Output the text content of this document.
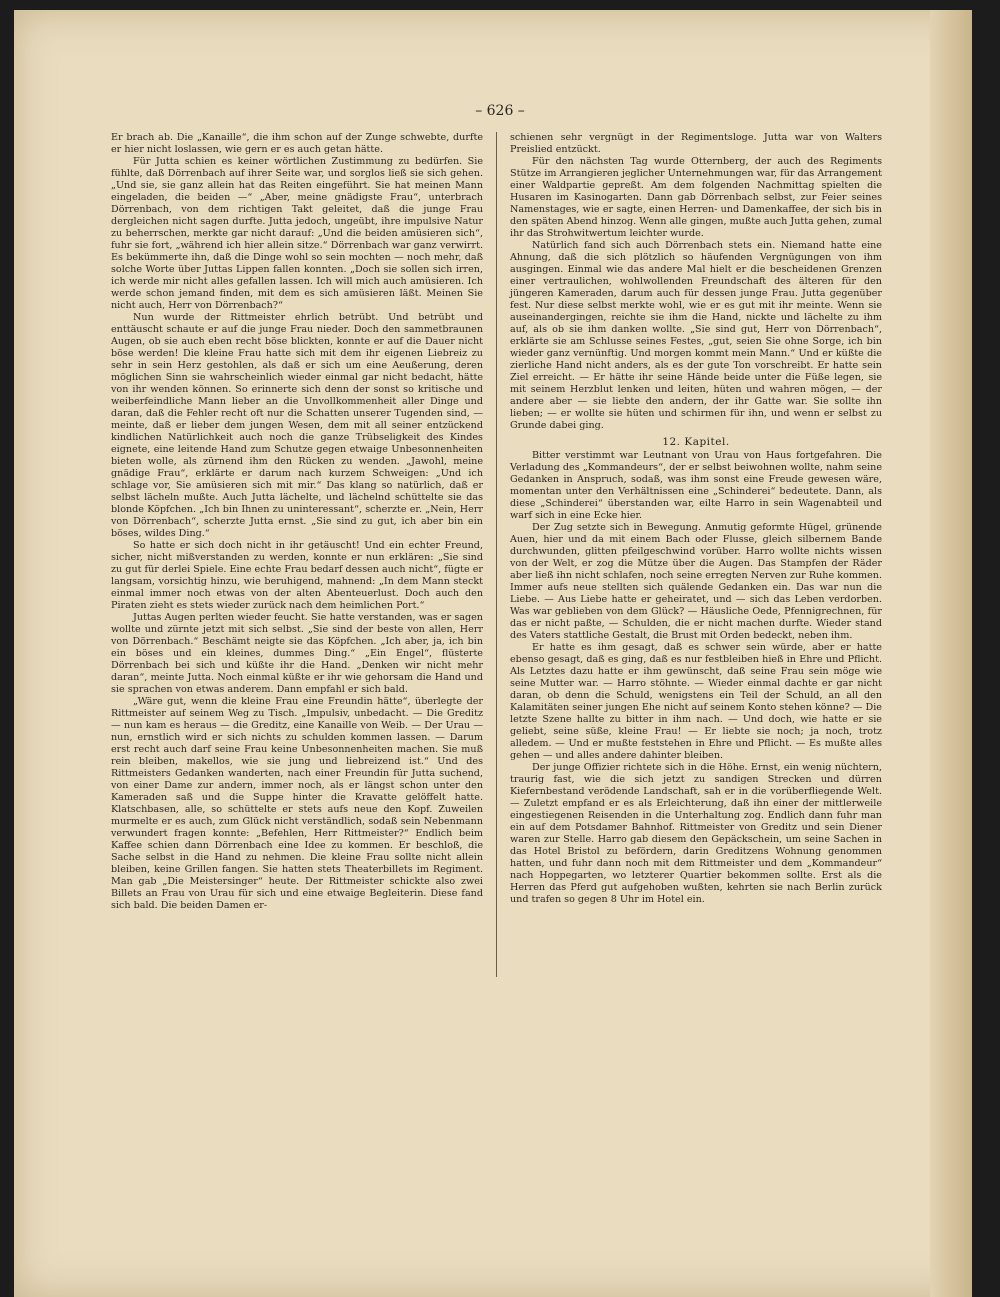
– 626 –

Er brach ab. Die „Kanaille“, die ihm schon auf der Zunge schwebte, durfte er hier nicht loslassen, wie gern er es auch getan hätte.

Für Jutta schien es keiner wörtlichen Zustimmung zu bedürfen. Sie fühlte, daß Dörrenbach auf ihrer Seite war, und sorglos ließ sie sich gehen. „Und sie, sie ganz allein hat das Reiten eingeführt. Sie hat meinen Mann eingeladen, die beiden —“ „Aber, meine gnädigste Frau“, unterbrach Dörrenbach, von dem richtigen Takt geleitet, daß die junge Frau dergleichen nicht sagen durfte. Jutta jedoch, ungeübt, ihre impulsive Natur zu beherrschen, merkte gar nicht darauf: „Und die beiden amüsieren sich“, fuhr sie fort, „während ich hier allein sitze.“ Dörrenbach war ganz verwirrt. Es bekümmerte ihn, daß die Dinge wohl so sein mochten — noch mehr, daß solche Worte über Juttas Lippen fallen konnten. „Doch sie sollen sich irren, ich werde mir nicht alles gefallen lassen. Ich will mich auch amüsieren. Ich werde schon jemand finden, mit dem es sich amüsieren läßt. Meinen Sie nicht auch, Herr von Dörrenbach?“

Nun wurde der Rittmeister ehrlich betrübt. Und betrübt und enttäuscht schaute er auf die junge Frau nieder. Doch den sammetbraunen Augen, ob sie auch eben recht böse blickten, konnte er auf die Dauer nicht böse werden! Die kleine Frau hatte sich mit dem ihr eigenen Liebreiz zu sehr in sein Herz gestohlen, als daß er sich um eine Aeußerung, deren möglichen Sinn sie wahrscheinlich wieder einmal gar nicht bedacht, hätte von ihr wenden können. So erinnerte sich denn der sonst so kritische und weiberfeindliche Mann lieber an die Unvollkommenheit aller Dinge und daran, daß die Fehler recht oft nur die Schatten unserer Tugenden sind, — meinte, daß er lieber dem jungen Wesen, dem mit all seiner entzückend kindlichen Natürlichkeit auch noch die ganze Trübseligkeit des Kindes eignete, eine leitende Hand zum Schutze gegen etwaige Unbesonnenheiten bieten wolle, als zürnend ihm den Rücken zu wenden. „Jawohl, meine gnädige Frau“, erklärte er darum nach kurzem Schweigen: „Und ich schlage vor, Sie amüsieren sich mit mir.“ Das klang so natürlich, daß er selbst lächeln mußte. Auch Jutta lächelte, und lächelnd schüttelte sie das blonde Köpfchen. „Ich bin Ihnen zu uninteressant“, scherzte er. „Nein, Herr von Dörrenbach“, scherzte Jutta ernst. „Sie sind zu gut, ich aber bin ein böses, wildes Ding.“

So hatte er sich doch nicht in ihr getäuscht! Und ein echter Freund, sicher, nicht mißverstanden zu werden, konnte er nun erklären: „Sie sind zu gut für derlei Spiele. Eine echte Frau bedarf dessen auch nicht“, fügte er langsam, vorsichtig hinzu, wie beruhigend, mahnend: „In dem Mann steckt einmal immer noch etwas von der alten Abenteuerlust. Doch auch den Piraten zieht es stets wieder zurück nach dem heimlichen Port.“

Juttas Augen perlten wieder feucht. Sie hatte verstanden, was er sagen wollte und zürnte jetzt mit sich selbst. „Sie sind der beste von allen, Herr von Dörrenbach.“ Beschämt neigte sie das Köpfchen. „Ich aber, ja, ich bin ein böses und ein kleines, dummes Ding.“ „Ein Engel“, flüsterte Dörrenbach bei sich und küßte ihr die Hand. „Denken wir nicht mehr daran“, meinte Jutta. Noch einmal küßte er ihr wie gehorsam die Hand und sie sprachen von etwas anderem. Dann empfahl er sich bald.

„Wäre gut, wenn die kleine Frau eine Freundin hätte“, überlegte der Rittmeister auf seinem Weg zu Tisch. „Impulsiv, unbedacht. — Die Greditz — nun kam es heraus — die Greditz, eine Kanaille von Weib. — Der Urau — nun, ernstlich wird er sich nichts zu schulden kommen lassen. — Darum erst recht auch darf seine Frau keine Unbesonnenheiten machen. Sie muß rein bleiben, makellos, wie sie jung und liebreizend ist.“ Und des Rittmeisters Gedanken wanderten, nach einer Freundin für Jutta suchend, von einer Dame zur andern, immer noch, als er längst schon unter den Kameraden saß und die Suppe hinter die Kravatte gelöffelt hatte. Klatschbasen, alle, so schüttelte er stets aufs neue den Kopf. Zuweilen murmelte er es auch, zum Glück nicht verständlich, sodaß sein Nebenmann verwundert fragen konnte: „Befehlen, Herr Rittmeister?“ Endlich beim Kaffee schien dann Dörrenbach eine Idee zu kommen. Er beschloß, die Sache selbst in die Hand zu nehmen. Die kleine Frau sollte nicht allein bleiben, keine Grillen fangen. Sie hatten stets Theaterbillets im Regiment. Man gab „Die Meistersinger“ heute. Der Rittmeister schickte also zwei Billets an Frau von Urau für sich und eine etwaige Begleiterin. Diese fand sich bald. Die beiden Damen er-

schienen sehr vergnügt in der Regimentsloge. Jutta war von Walters Preislied entzückt.

Für den nächsten Tag wurde Otternberg, der auch des Regiments Stütze im Arrangieren jeglicher Unternehmungen war, für das Arrangement einer Waldpartie gepreßt. Am dem folgenden Nachmittag spielten die Husaren im Kasinogarten. Dann gab Dörrenbach selbst, zur Feier seines Namenstages, wie er sagte, einen Herren- und Damenkaffee, der sich bis in den späten Abend hinzog. Wenn alle gingen, mußte auch Jutta gehen, zumal ihr das Strohwitwertum leichter wurde.

Natürlich fand sich auch Dörrenbach stets ein. Niemand hatte eine Ahnung, daß die sich plötzlich so häufenden Vergnügungen von ihm ausgingen. Einmal wie das andere Mal hielt er die bescheidenen Grenzen einer vertraulichen, wohlwollenden Freundschaft des älteren für den jüngeren Kameraden, darum auch für dessen junge Frau. Jutta gegenüber fest. Nur diese selbst merkte wohl, wie er es gut mit ihr meinte. Wenn sie auseinandergingen, reichte sie ihm die Hand, nickte und lächelte zu ihm auf, als ob sie ihm danken wollte. „Sie sind gut, Herr von Dörrenbach“, erklärte sie am Schlusse seines Festes, „gut, seien Sie ohne Sorge, ich bin wieder ganz vernünftig. Und morgen kommt mein Mann.“ Und er küßte die zierliche Hand nicht anders, als es der gute Ton vorschreibt. Er hatte sein Ziel erreicht. — Er hätte ihr seine Hände beide unter die Füße legen, sie mit seinem Herzblut lenken und leiten, hüten und wahren mögen, — der andere aber — sie liebte den andern, der ihr Gatte war. Sie sollte ihn lieben; — er wollte sie hüten und schirmen für ihn, und wenn er selbst zu Grunde dabei ging.

12. Kapitel.

Bitter verstimmt war Leutnant von Urau von Haus fortgefahren. Die Verladung des „Kommandeurs“, der er selbst beiwohnen wollte, nahm seine Gedanken in Anspruch, sodaß, was ihm sonst eine Freude gewesen wäre, momentan unter den Verhältnissen eine „Schinderei“ bedeutete. Dann, als diese „Schinderei“ überstanden war, eilte Harro in sein Wagenabteil und warf sich in eine Ecke hier.

Der Zug setzte sich in Bewegung. Anmutig geformte Hügel, grünende Auen, hier und da mit einem Bach oder Flusse, gleich silbernem Bande durchwunden, glitten pfeilgeschwind vorüber. Harro wollte nichts wissen von der Welt, er zog die Mütze über die Augen. Das Stampfen der Räder aber ließ ihn nicht schlafen, noch seine erregten Nerven zur Ruhe kommen. Immer aufs neue stellten sich quälende Gedanken ein. Das war nun die Liebe. — Aus Liebe hatte er geheiratet, und — sich das Leben verdorben. Was war geblieben von dem Glück? — Häusliche Oede, Pfennigrechnen, für das er nicht paßte, — Schulden, die er nicht machen durfte. Wieder stand des Vaters stattliche Gestalt, die Brust mit Orden bedeckt, neben ihm.

Er hatte es ihm gesagt, daß es schwer sein würde, aber er hatte ebenso gesagt, daß es ging, daß es nur festbleiben hieß in Ehre und Pflicht. Als Letztes dazu hatte er ihm gewünscht, daß seine Frau sein möge wie seine Mutter war. — Harro stöhnte. — Wieder einmal dachte er gar nicht daran, ob denn die Schuld, wenigstens ein Teil der Schuld, an all den Kalamitäten seiner jungen Ehe nicht auf seinem Konto stehen könne? — Die letzte Szene hallte zu bitter in ihm nach. — Und doch, wie hatte er sie geliebt, seine süße, kleine Frau! — Er liebte sie noch; ja noch, trotz alledem. — Und er mußte feststehen in Ehre und Pflicht. — Es mußte alles gehen — und alles andere dahinter bleiben.

Der junge Offizier richtete sich in die Höhe. Ernst, ein wenig nüchtern, traurig fast, wie die sich jetzt zu sandigen Strecken und dürren Kiefernbestand verödende Landschaft, sah er in die vorüberfliegende Welt. — Zuletzt empfand er es als Erleichterung, daß ihn einer der mittlerweile eingestiegenen Reisenden in die Unterhaltung zog. Endlich dann fuhr man ein auf dem Potsdamer Bahnhof. Rittmeister von Greditz und sein Diener waren zur Stelle. Harro gab diesem den Gepäckschein, um seine Sachen in das Hotel Bristol zu befördern, darin Greditzens Wohnung genommen hatten, und fuhr dann noch mit dem Rittmeister und dem „Kommandeur“ nach Hoppegarten, wo letzterer Quartier bekommen sollte. Erst als die Herren das Pferd gut aufgehoben wußten, kehrten sie nach Berlin zurück und trafen so gegen 8 Uhr im Hotel ein.
